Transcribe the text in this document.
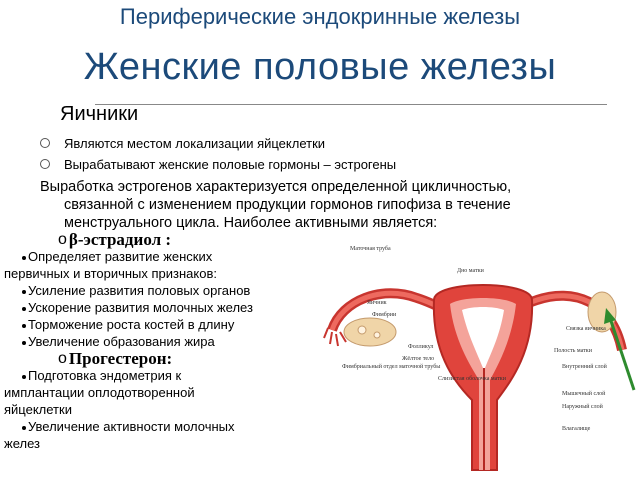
Периферические эндокринные железы
Женские половые железы
Яичники
Являются местом локализации яйцеклетки
Вырабатывают женские половые гормоны – эстрогены
Выработка эстрогенов характеризуется определенной цикличностью,
связанной с изменением продукции гормонов гипофиза в течение
менструального цикла. Наиболее активными является:
o β-эстрадиол :
Определяет развитие женских
первичных и вторичных признаков:
Усиление развития половых органов
Ускорение развития молочных желез
Торможение роста костей в длину
Увеличение образования жира
o Прогестерон:
Подготовка эндометрия к
имплантации оплодотворенной
яйцеклетки
Увеличение активности молочных
желез
Маточная труба
Дно матки
Яичник
Фимбрии
Жёлтое тело
Фолликул
Полость матки
Связка яичника
Внутренний слой
Слизистая оболочка матки
Мышечный слой
Наружный слой
Влагалище
Фимбриальный отдел маточной трубы
